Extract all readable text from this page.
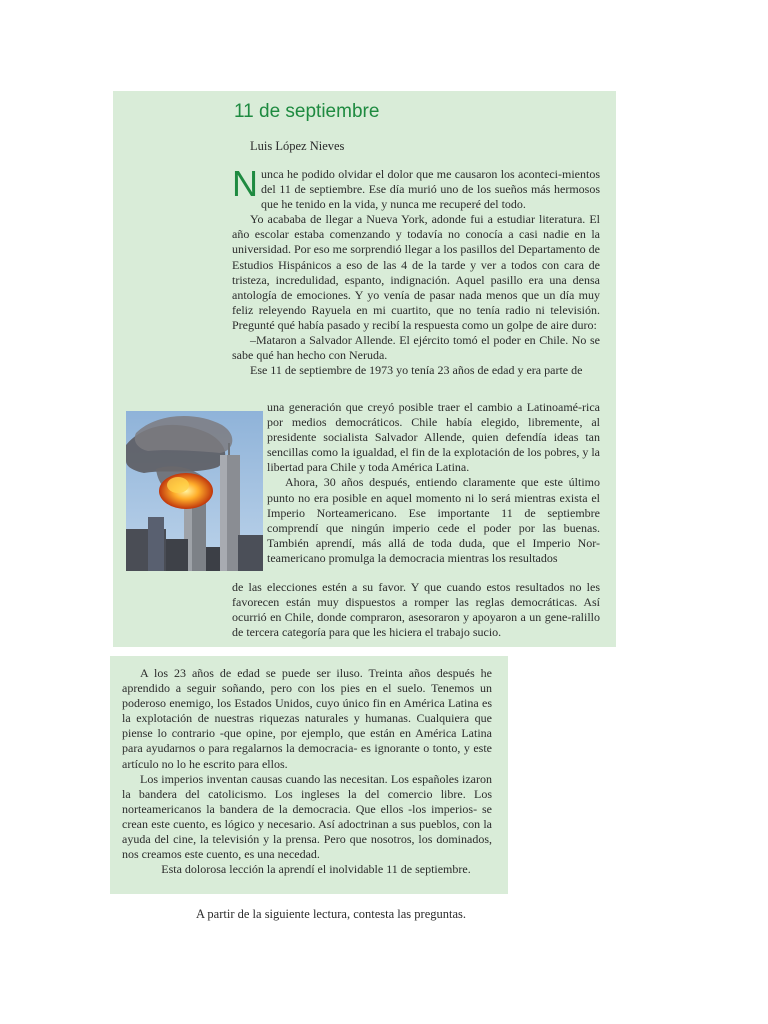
11 de septiembre
Luis López Nieves

Nunca he podido olvidar el dolor que me causaron los aconteci-mientos del 11 de septiembre. Ese día murió uno de los sueños más hermosos que he tenido en la vida, y nunca me recuperé del todo.

Yo acababa de llegar a Nueva York, adonde fui a estudiar literatura. El año escolar estaba comenzando y todavía no conocía a casi nadie en la universidad. Por eso me sorprendió llegar a los pasillos del Departamento de Estudios Hispánicos a eso de las 4 de la tarde y ver a todos con cara de tristeza, incredulidad, espanto, indignación. Aquel pasillo era una densa antología de emociones. Y yo venía de pasar nada menos que un día muy feliz releyendo Rayuela en mi cuartito, que no tenía radio ni televisión. Pregunté qué había pasado y recibí la respuesta como un golpe de aire duro:

–Mataron a Salvador Allende. El ejército tomó el poder en Chile. No se sabe qué han hecho con Neruda.

Ese 11 de septiembre de 1973 yo tenía 23 años de edad y era parte de

una generación que creyó posible traer el cambio a Latinoamé-rica por medios democráticos. Chile había elegido, libremente, al presidente socialista Salvador Allende, quien defendía ideas tan sencillas como la igualdad, el fin de la explotación de los pobres, y la libertad para Chile y toda América Latina.

Ahora, 30 años después, entiendo claramente que este último punto no era posible en aquel momento ni lo será mientras exista el Imperio Norteamericano. Ese importante 11 de septiembre comprendí que ningún imperio cede el poder por las buenas. También aprendí, más allá de toda duda, que el Imperio Nor-teamericano promulga la democracia mientras los resultados

de las elecciones estén a su favor. Y que cuando estos resultados no les favorecen están muy dispuestos a romper las reglas democráticas. Así ocurrió en Chile, donde compraron, asesoraron y apoyaron a un gene-ralillo de tercera categoría para que les hiciera el trabajo sucio.

A los 23 años de edad se puede ser iluso. Treinta años después he aprendido a seguir soñando, pero con los pies en el suelo. Tenemos un poderoso enemigo, los Estados Unidos, cuyo único fin en América Latina es la explotación de nuestras riquezas naturales y humanas. Cualquiera que piense lo contrario -que opine, por ejemplo, que están en América Latina para ayudarnos o para regalarnos la democracia- es ignorante o tonto, y este artículo no lo he escrito para ellos.

Los imperios inventan causas cuando las necesitan. Los españoles izaron la bandera del catolicismo. Los ingleses la del comercio libre. Los norteamericanos la bandera de la democracia. Que ellos -los imperios- se crean este cuento, es lógico y necesario. Así adoctrinan a sus pueblos, con la ayuda del cine, la televisión y la prensa. Pero que nosotros, los dominados, nos creamos este cuento, es una necedad.

Esta dolorosa lección la aprendí el inolvidable 11 de septiembre.

A partir de la siguiente lectura, contesta las preguntas.
